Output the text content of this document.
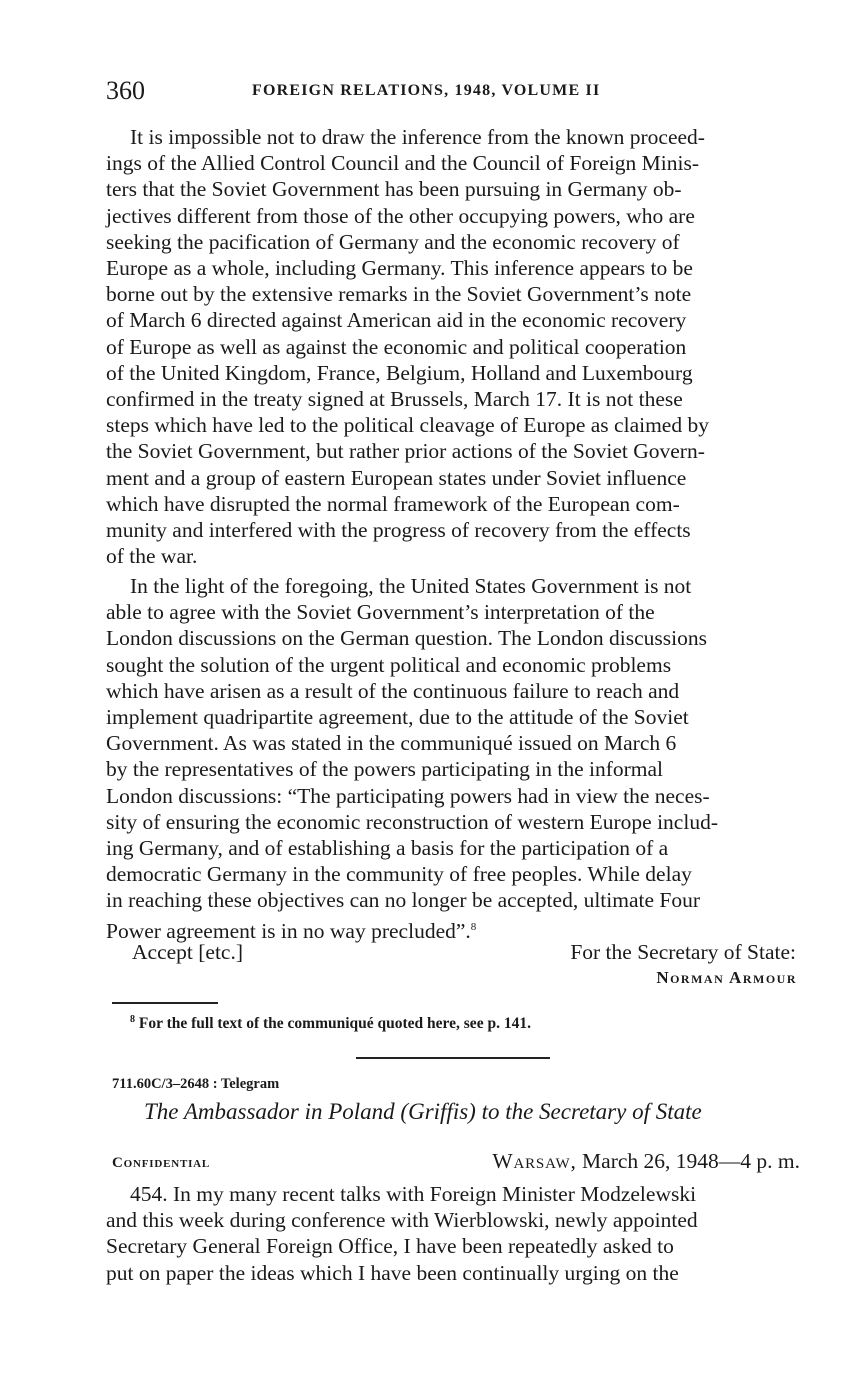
360	FOREIGN RELATIONS, 1948, VOLUME II
It is impossible not to draw the inference from the known proceed-
ings of the Allied Control Council and the Council of Foreign Minis-
ters that the Soviet Government has been pursuing in Germany ob-
jectives different from those of the other occupying powers, who are
seeking the pacification of Germany and the economic recovery of
Europe as a whole, including Germany. This inference appears to be
borne out by the extensive remarks in the Soviet Government’s note
of March 6 directed against American aid in the economic recovery
of Europe as well as against the economic and political cooperation
of the United Kingdom, France, Belgium, Holland and Luxembourg
confirmed in the treaty signed at Brussels, March 17. It is not these
steps which have led to the political cleavage of Europe as claimed by
the Soviet Government, but rather prior actions of the Soviet Govern-
ment and a group of eastern European states under Soviet influence
which have disrupted the normal framework of the European com-
munity and interfered with the progress of recovery from the effects
of the war.
In the light of the foregoing, the United States Government is not
able to agree with the Soviet Government’s interpretation of the
London discussions on the German question. The London discussions
sought the solution of the urgent political and economic problems
which have arisen as a result of the continuous failure to reach and
implement quadripartite agreement, due to the attitude of the Soviet
Government. As was stated in the communiqué issued on March 6
by the representatives of the powers participating in the informal
London discussions: “The participating powers had in view the neces-
sity of ensuring the economic reconstruction of western Europe includ-
ing Germany, and of establishing a basis for the participation of a
democratic Germany in the community of free peoples. While delay
in reaching these objectives can no longer be accepted, ultimate Four
Power agreement is in no way precluded”.$^8$
Accept [etc.]	For the Secretary of State:
Norman Armour
$^8$ For the full text of the communiqué quoted here, see p. 141.
711.60C/3–2648 : Telegram
The Ambassador in Poland (Griffis) to the Secretary of State
Confidential	Warsaw, March 26, 1948—4 p. m.
454. In my many recent talks with Foreign Minister Modzelewski
and this week during conference with Wierblowski, newly appointed
Secretary General Foreign Office, I have been repeatedly asked to
put on paper the ideas which I have been continually urging on the
